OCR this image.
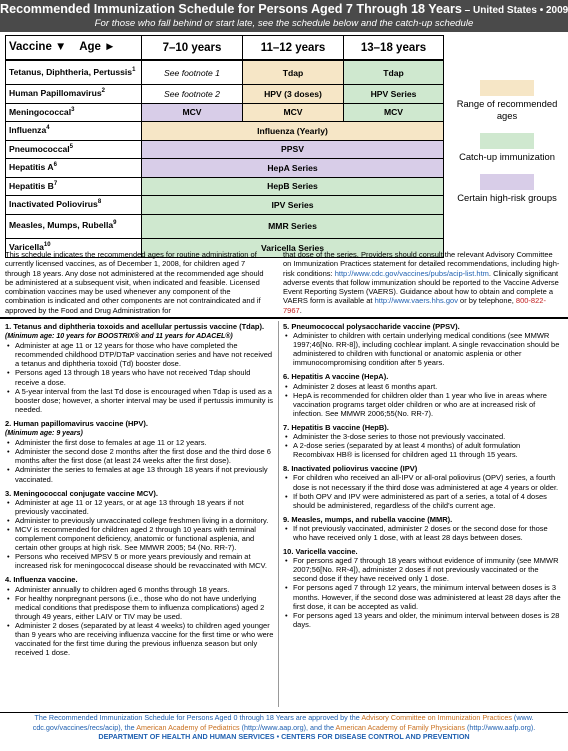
Recommended Immunization Schedule for Persons Aged 7 Through 18 Years – United States • 2009
For those who fall behind or start late, see the schedule below and the catch-up schedule
Vaccine ▼
Age ►	7–10 years	11–12 years	13–18 years
Tetanus, Diphtheria, Pertussis$^1$	See footnote 1	Tdap	Tdap
Human Papillomavirus$^2$	See footnote 2	HPV (3 doses)	HPV Series
Meningococcal$^3$	MCV	MCV	MCV
Influenza$^4$	Influenza (Yearly)
Pneumococcal$^5$	PPSV
Hepatitis $A^6$	HepA Series
Hepatitis $B^7$	HepB Series
Inactivated Poliovirus$^8$	IPV Series
Measles, Mumps, Rubella$^9$	MMR Series
Varicella$^{10}$	Varicella Series
Range of recommended ages
Catch-up immunization
Certain high-risk groups
This schedule indicates the recommended ages for routine administration of currently licensed vaccines, as of December 1, 2008, for children aged 7 through 18 years. Any dose not administered at the recommended age should be administered at a subsequent visit, when indicated and feasible. Licensed combination vaccines may be used whenever any component of the combination is indicated and other components are not contraindicated and if approved by the Food and Drug Administration for
that dose of the series. Providers should consult the relevant Advisory Committee on Immunization Practices statement for detailed recommendations, including high-risk conditions: http://www.cdc.gov/vaccines/pubs/acip-list.htm. Clinically significant adverse events that follow immunization should be reported to the Vaccine Adverse Event Reporting System (VAERS). Guidance about how to obtain and complete a VAERS form is available at http://www.vaers.hhs.gov or by telephone, 800-822-7967.
1. Tetanus and diphtheria toxoids and acellular pertussis vaccine (Tdap).
(Minimum age: 10 years for BOOSTRIX® and 11 years for ADACEL®)
• Administer at age 11 or 12 years for those who have completed the recommended childhood DTP/DTaP vaccination series and have not received a tetanus and diphtheria toxoid (Td) booster dose.
• Persons aged 13 through 18 years who have not received Tdap should receive a dose.
• A 5-year interval from the last Td dose is encouraged when Tdap is used as a booster dose; however, a shorter interval may be used if pertussis immunity is needed.
2. Human papillomavirus vaccine (HPV).
(Minimum age: 9 years)
• Administer the first dose to females at age 11 or 12 years.
• Administer the second dose 2 months after the first dose and the third dose 6 months after the first dose (at least 24 weeks after the first dose).
• Administer the series to females at age 13 through 18 years if not previously vaccinated.
3. Meningococcal conjugate vaccine MCV).
• Administer at age 11 or 12 years, or at age 13 through 18 years if not previously vaccinated.
• Administer to previously unvaccinated college freshmen living in a dormitory.
• MCV is recommended for children aged 2 through 10 years with terminal complement component deficiency, anatomic or functional asplenia, and certain other groups at high risk. See MMWR 2005; 54 (No. RR-7).
• Persons who received MPSV 5 or more years previously and remain at increased risk for meningococcal disease should be revaccinated with MCV.
4. Influenza vaccine.
• Administer annually to children aged 6 months through 18 years.
• For healthy nonpregnant persons (i.e., those who do not have underlying medical conditions that predispose them to influenza complications) aged 2 through 49 years, either LAIV or TIV may be used.
• Administer 2 doses (separated by at least 4 weeks) to children aged younger than 9 years who are receiving influenza vaccine for the first time or who were vaccinated for the first time during the previous influenza season but only received 1 dose.
5. Pneumococcal polysaccharide vaccine (PPSV).
• Administer to children with certain underlying medical conditions (see MMWR 1997;46[No. RR-8]), including cochlear implant. A single revaccination should be administered to children with functional or anatomic asplenia or other immunocompromising condition after 5 years.
6. Hepatitis A vaccine (HepA).
• Administer 2 doses at least 6 months apart.
• HepA is recommended for children older than 1 year who live in areas where vaccination programs target older children or who are at increased risk of infection. See MMWR 2006;55(No. RR-7).
7. Hepatitis B vaccine (HepB).
• Administer the 3-dose series to those not previously vaccinated.
• A 2-dose series (separated by at least 4 months) of adult formulation Recombivax HB® is licensed for children aged 11 through 15 years.
8. Inactivated poliovirus vaccine (IPV)
• For children who received an all-IPV or all-oral poliovirus (OPV) series, a fourth dose is not necessary if the third dose was administered at age 4 years or older.
• If both OPV and IPV were administered as part of a series, a total of 4 doses should be administered, regardless of the child's current age.
9. Measles, mumps, and rubella vaccine (MMR).
• If not previously vaccinated, administer 2 doses or the second dose for those who have received only 1 dose, with at least 28 days between doses.
10. Varicella vaccine.
• For persons aged 7 through 18 years without evidence of immunity (see MMWR 2007;56[No. RR-4]), administer 2 doses if not previously vaccinated or the second dose if they have received only 1 dose.
• For persons aged 7 through 12 years, the minimum interval between doses is 3 months. However, if the second dose was administered at least 28 days after the first dose, it can be accepted as valid.
• For persons aged 13 years and older, the minimum interval between doses is 28 days.
The Recommended Immunization Schedule for Persons Aged 0 through 18 Years are approved by the Advisory Committee on Immunization Practices (www.
cdc.gov/vaccines/recs/acip), the American Academy of Pediatrics (http://www.aap.org), and the American Academy of Family Physicians (http://www.aafp.org).
DEPARTMENT OF HEALTH AND HUMAN SERVICES • CENTERS FOR DISEASE CONTROL AND PREVENTION
